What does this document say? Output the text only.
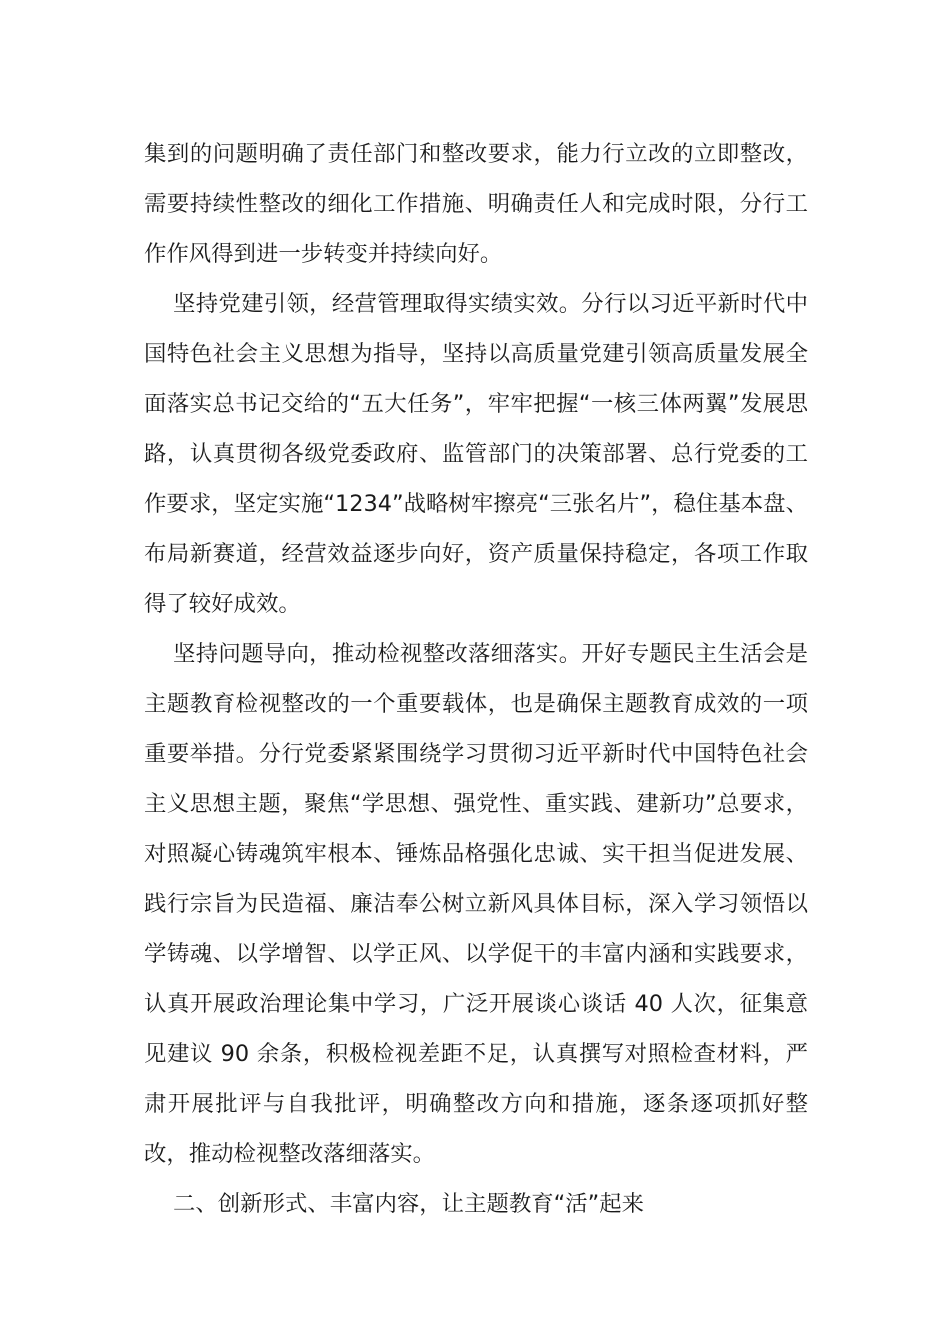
集到的问题明确了责任部门和整改要求，能力行立改的立即整改，需要持续性整改的细化工作措施、明确责任人和完成时限，分行工作作风得到进一步转变并持续向好。

坚持党建引领，经营管理取得实绩实效。分行以习近平新时代中国特色社会主义思想为指导，坚持以高质量党建引领高质量发展全面落实总书记交给的“五大任务”，牢牢把握“一核三体两翼”发展思路，认真贯彻各级党委政府、监管部门的决策部署、总行党委的工作要求，坚定实施“1234”战略树牢擦亮“三张名片”，稳住基本盘、布局新赛道，经营效益逐步向好，资产质量保持稳定，各项工作取得了较好成效。

坚持问题导向，推动检视整改落细落实。开好专题民主生活会是主题教育检视整改的一个重要载体，也是确保主题教育成效的一项重要举措。分行党委紧紧围绕学习贯彻习近平新时代中国特色社会主义思想主题，聚焦“学思想、强党性、重实践、建新功”总要求，对照凝心铸魂筑牢根本、锤炼品格强化忠诚、实干担当促进发展、践行宗旨为民造福、廉洁奉公树立新风具体目标，深入学习领悟以学铸魂、以学增智、以学正风、以学促干的丰富内涵和实践要求，认真开展政治理论集中学习，广泛开展谈心谈话 40 人次，征集意见建议 90 余条，积极检视差距不足，认真撰写对照检查材料，严肃开展批评与自我批评，明确整改方向和措施，逐条逐项抓好整改，推动检视整改落细落实。

二、创新形式、丰富内容，让主题教育“活”起来
